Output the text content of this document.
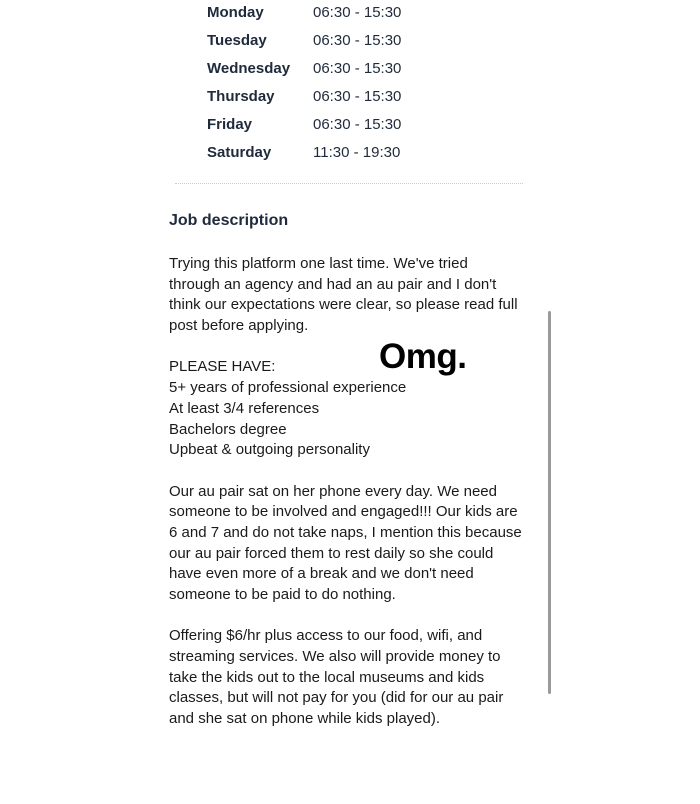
Monday	06:30 - 15:30
Tuesday	06:30 - 15:30
Wednesday 06:30 - 15:30
Thursday	06:30 - 15:30
Friday	06:30 - 15:30
Saturday	11:30 - 19:30
Job description
Trying this platform one last time. We've tried
through an agency and had an au pair and I don't
think our expectations were clear, so please read full
post before applying.
PLEASE HAVE:
5+ years of professional experience
At least 3/4 references
Bachelors degree
Upbeat & outgoing personality
Our au pair sat on her phone every day. We need
someone to be involved and engaged!!! Our kids are
6 and 7 and do not take naps, I mention this because
our au pair forced them to rest daily so she could
have even more of a break and we don't need
someone to be paid to do nothing.
Offering $6/hr plus access to our food, wifi, and
streaming services. We also will provide money to
take the kids out to the local museums and kids
classes, but will not pay for you (did for our au pair
and she sat on phone while kids played).
Omg.
